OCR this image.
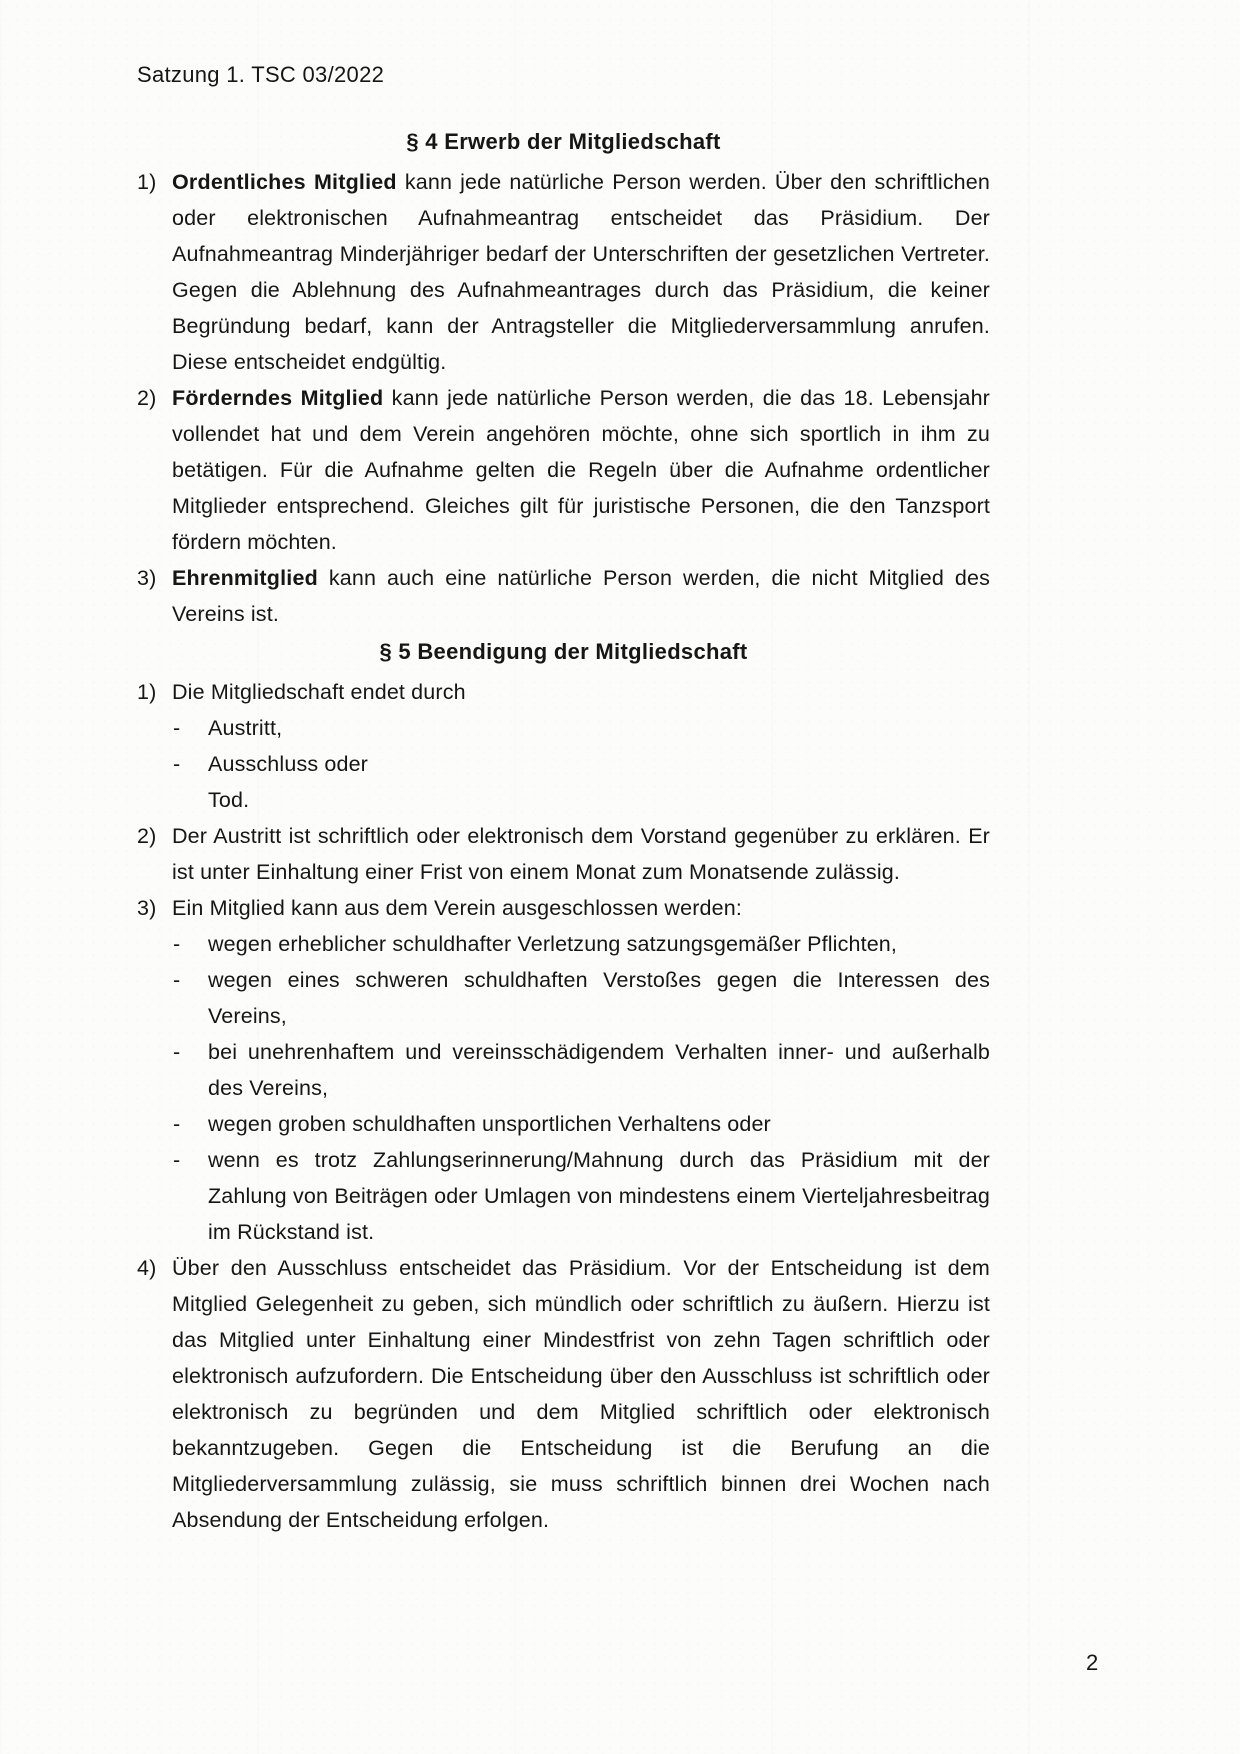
Satzung 1. TSC 03/2022
§ 4 Erwerb der Mitgliedschaft
1) Ordentliches Mitglied kann jede natürliche Person werden. Über den schriftlichen oder elektronischen Aufnahmeantrag entscheidet das Präsidium. Der Aufnahmeantrag Minderjähriger bedarf der Unterschriften der gesetzlichen Vertreter. Gegen die Ablehnung des Aufnahmeantrages durch das Präsidium, die keiner Begründung bedarf, kann der Antragsteller die Mitgliederversammlung anrufen. Diese entscheidet endgültig.

2) Förderndes Mitglied kann jede natürliche Person werden, die das 18. Lebensjahr vollendet hat und dem Verein angehören möchte, ohne sich sportlich in ihm zu betätigen. Für die Aufnahme gelten die Regeln über die Aufnahme ordentlicher Mitglieder entsprechend. Gleiches gilt für juristische Personen, die den Tanzsport fördern möchten.

3) Ehrenmitglied kann auch eine natürliche Person werden, die nicht Mitglied des Vereins ist.

§ 5 Beendigung der Mitgliedschaft
1) Die Mitgliedschaft endet durch

- Austritt,

- Ausschluss oder

Tod.

2) Der Austritt ist schriftlich oder elektronisch dem Vorstand gegenüber zu erklären. Er ist unter Einhaltung einer Frist von einem Monat zum Monatsende zulässig.

3) Ein Mitglied kann aus dem Verein ausgeschlossen werden:

- wegen erheblicher schuldhafter Verletzung satzungsgemäßer Pflichten,

- wegen eines schweren schuldhaften Verstoßes gegen die Interessen des Vereins,

- bei unehrenhaftem und vereinsschädigendem Verhalten inner- und außerhalb des Vereins,

- wegen groben schuldhaften unsportlichen Verhaltens oder

- wenn es trotz Zahlungserinnerung/Mahnung durch das Präsidium mit der Zahlung von Beiträgen oder Umlagen von mindestens einem Vierteljahresbeitrag im Rückstand ist.

4) Über den Ausschluss entscheidet das Präsidium. Vor der Entscheidung ist dem Mitglied Gelegenheit zu geben, sich mündlich oder schriftlich zu äußern. Hierzu ist das Mitglied unter Einhaltung einer Mindestfrist von zehn Tagen schriftlich oder elektronisch aufzufordern. Die Entscheidung über den Ausschluss ist schriftlich oder elektronisch zu begründen und dem Mitglied schriftlich oder elektronisch bekanntzugeben. Gegen die Entscheidung ist die Berufung an die Mitgliederversammlung zulässig, sie muss schriftlich binnen drei Wochen nach Absendung der Entscheidung erfolgen.

2
